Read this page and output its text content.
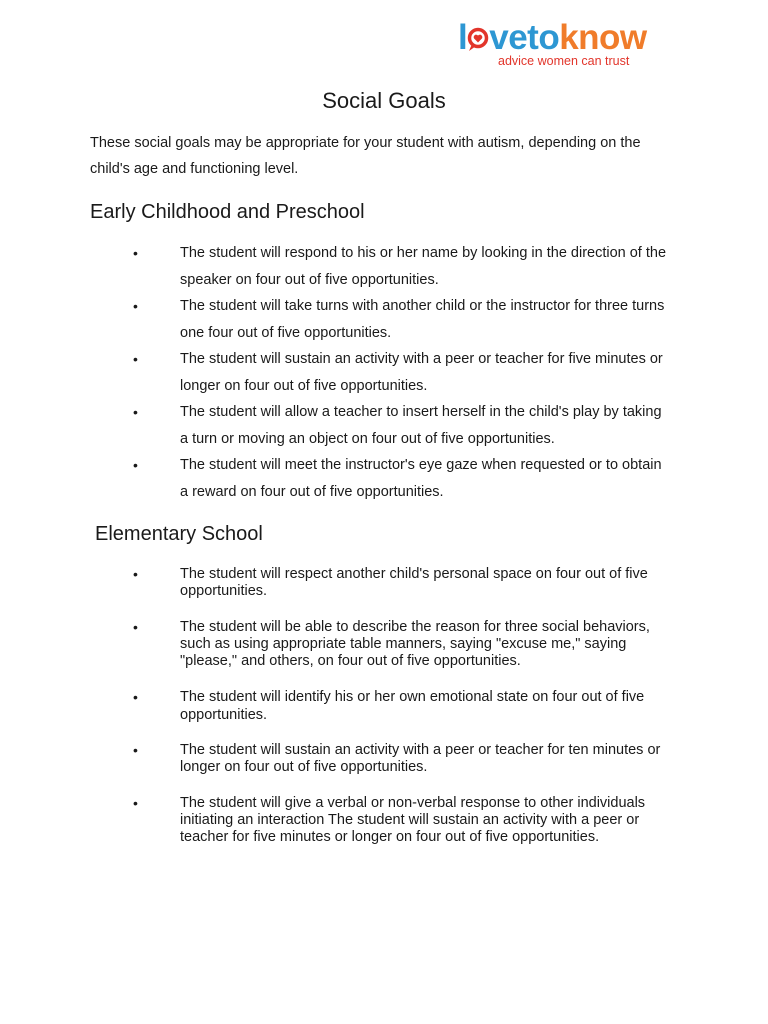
l vetoknow
advice women can trust
Social Goals

These social goals may be appropriate for your student with autism, depending on the child's age and functioning level.

Early Childhood and Preschool
•	The student will respond to his or her name by looking in the direction of the speaker on four out of five opportunities.
•	The student will take turns with another child or the instructor for three turns one four out of five opportunities.
•	The student will sustain an activity with a peer or teacher for five minutes or longer on four out of five opportunities.
•	The student will allow a teacher to insert herself in the child's play by taking a turn or moving an object on four out of five opportunities.
•	The student will meet the instructor's eye gaze when requested or to obtain a reward on four out of five opportunities.
Elementary School
•	The student will respect another child's personal space on four out of five opportunities.
•	The student will be able to describe the reason for three social behaviors, such as using appropriate table manners, saying "excuse me," saying "please," and others, on four out of five opportunities.
•	The student will identify his or her own emotional state on four out of five opportunities.
•	The student will sustain an activity with a peer or teacher for ten minutes or longer on four out of five opportunities.
•	The student will give a verbal or non-verbal response to other individuals initiating an interaction The student will sustain an activity with a peer or teacher for five minutes or longer on four out of five opportunities.
